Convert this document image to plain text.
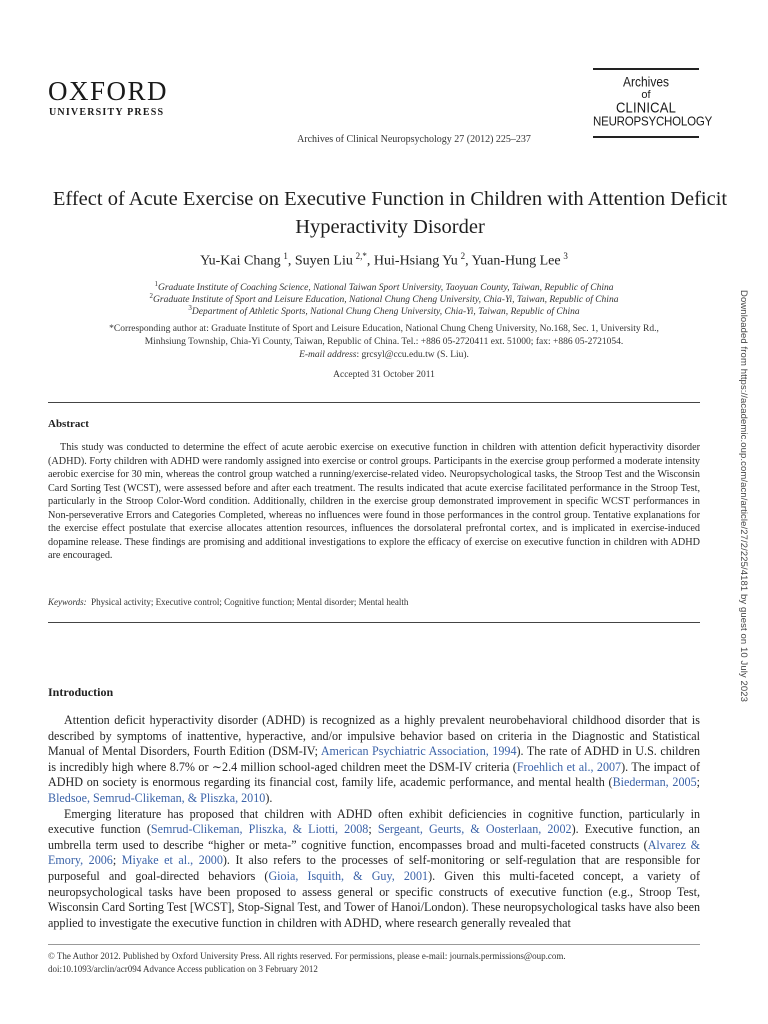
OXFORD
UNIVERSITY PRESS
Archives
of
CLINICAL
NEUROPSYCHOLOGY
Archives of Clinical Neuropsychology 27 (2012) 225–237
Effect of Acute Exercise on Executive Function in Children with Attention Deficit Hyperactivity Disorder
Yu-Kai Chang  $^1$, Suyen Liu  $^{2,*}$, Hui-Hsiang Yu  $^2$, Yuan-Hung Lee  $^3$
$^1$Graduate Institute of Coaching Science, National Taiwan Sport University, Taoyuan County, Taiwan, Republic of China
$^2$Graduate Institute of Sport and Leisure Education, National Chung Cheng University, Chia-Yi, Taiwan, Republic of China
$^3$Department of Athletic Sports, National Chung Cheng University, Chia-Yi, Taiwan, Republic of China
*Corresponding author at: Graduate Institute of Sport and Leisure Education, National Chung Cheng University, No.168, Sec. 1, University Rd.,
Minhsiung Township, Chia-Yi County, Taiwan, Republic of China. Tel.: +886 05-2720411 ext. 51000; fax: +886 05-2721054.
E-mail address: grcsyl@ccu.edu.tw (S. Liu).
Accepted 31 October 2011
Abstract
This study was conducted to determine the effect of acute aerobic exercise on executive function in children with attention deficit hyperactivity disorder (ADHD). Forty children with ADHD were randomly assigned into exercise or control groups. Participants in the exercise group performed a moderate intensity aerobic exercise for 30 min, whereas the control group watched a running/exercise-related video. Neuropsychological tasks, the Stroop Test and the Wisconsin Card Sorting Test (WCST), were assessed before and after each treatment. The results indicated that acute exercise facilitated performance in the Stroop Test, particularly in the Stroop Color-Word condition. Additionally, children in the exercise group demonstrated improvement in specific WCST performances in Non-perseverative Errors and Categories Completed, whereas no influences were found in those performances in the control group. Tentative explanations for the exercise effect postulate that exercise allocates attention resources, influences the dorsolateral prefrontal cortex, and is implicated in exercise-induced dopamine release. These findings are promising and additional investigations to explore the efficacy of exercise on executive function in children with ADHD are encouraged.
Keywords: Physical activity; Executive control; Cognitive function; Mental disorder; Mental health
Introduction

Attention deficit hyperactivity disorder (ADHD) is recognized as a highly prevalent neurobehavioral childhood disorder that is described by symptoms of inattentive, hyperactive, and/or impulsive behavior based on criteria in the Diagnostic and Statistical Manual of Mental Disorders, Fourth Edition (DSM-IV; American Psychiatric Association, 1994). The rate of ADHD in U.S. children is incredibly high where 8.7% or ∼2.4 million school-aged children meet the DSM-IV criteria (Froehlich et al., 2007). The impact of ADHD on society is enormous regarding its financial cost, family life, academic performance, and mental health (Biederman, 2005; Bledsoe, Semrud-Clikeman, & Pliszka, 2010).

Emerging literature has proposed that children with ADHD often exhibit deficiencies in cognitive function, particularly in executive function (Semrud-Clikeman, Pliszka, & Liotti, 2008; Sergeant, Geurts, & Oosterlaan, 2002). Executive function, an umbrella term used to describe “higher or meta-” cognitive function, encompasses broad and multi-faceted constructs (Alvarez & Emory, 2006; Miyake et al., 2000). It also refers to the processes of self-monitoring or self-regulation that are responsible for purposeful and goal-directed behaviors (Gioia, Isquith, & Guy, 2001). Given this multi-faceted concept, a variety of neuropsychological tasks have been proposed to assess general or specific constructs of executive function (e.g., Stroop Test, Wisconsin Card Sorting Test [WCST], Stop-Signal Test, and Tower of Hanoi/London). These neuropsychological tasks have also been applied to investigate the executive function in children with ADHD, where research generally revealed that

© The Author 2012. Published by Oxford University Press. All rights reserved. For permissions, please e-mail: journals.permissions@oup.com.
doi:10.1093/arclin/acr094 Advance Access publication on 3 February 2012
Downloaded from https://academic.oup.com/acn/article/27/2/225/4181 by guest on 10 July 2023
